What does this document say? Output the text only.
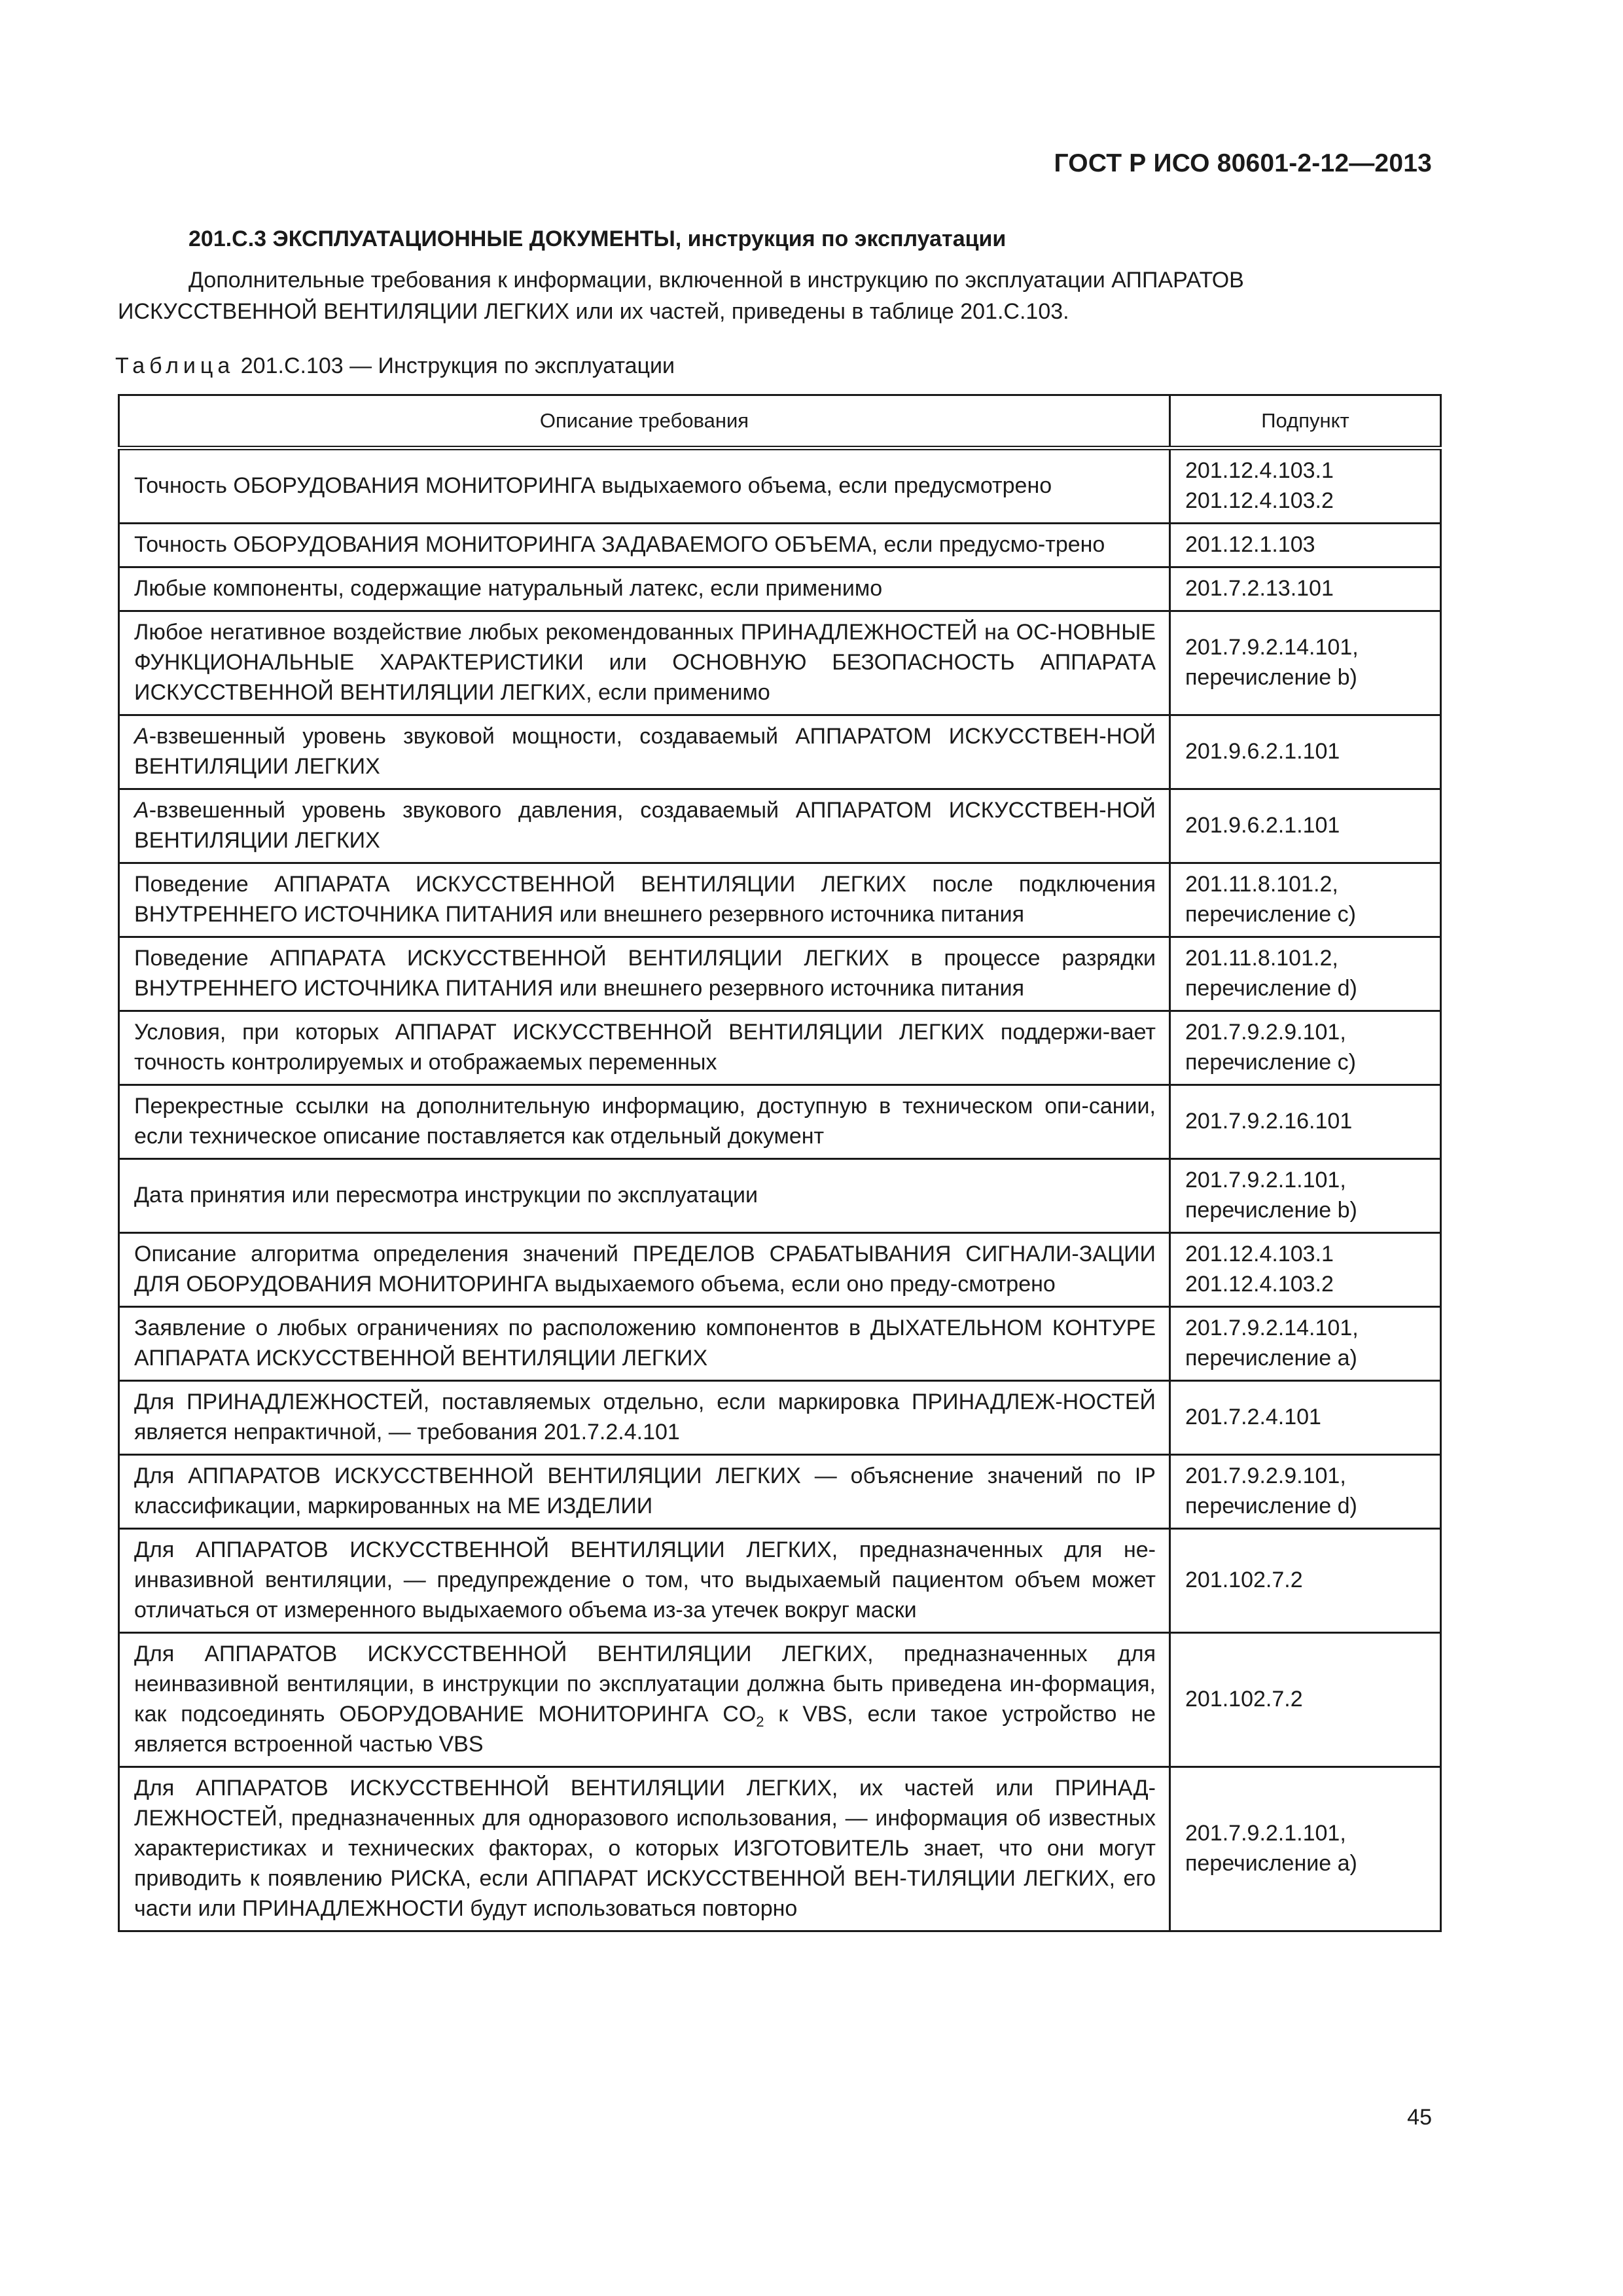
ГОСТ Р ИСО 80601-2-12—2013
201.C.3 ЭКСПЛУАТАЦИОННЫЕ ДОКУМЕНТЫ, инструкция по эксплуатации
Дополнительные требования к информации, включенной в инструкцию по эксплуатации АППАРАТОВ
ИСКУССТВЕННОЙ ВЕНТИЛЯЦИИ ЛЕГКИХ или их частей, приведены в таблице 201.C.103.
Таблица 201.C.103 — Инструкция по эксплуатации
Описание требования	Подпункт
Точность ОБОРУДОВАНИЯ МОНИТОРИНГА выдыхаемого объема, если предусмотрено	201.12.4.103.1
201.12.4.103.2

Точность ОБОРУДОВАНИЯ МОНИТОРИНГА ЗАДАВАЕМОГО ОБЪЕМА, если предусмо-трено	201.12.1.103

Любые компоненты, содержащие натуральный латекс, если применимо	201.7.2.13.101

Любое негативное воздействие любых рекомендованных ПРИНАДЛЕЖНОСТЕЙ на ОС-НОВНЫЕ ФУНКЦИОНАЛЬНЫЕ ХАРАКТЕРИСТИКИ или ОСНОВНУЮ БЕЗОПАСНОСТЬ АППАРАТА ИСКУССТВЕННОЙ ВЕНТИЛЯЦИИ ЛЕГКИХ, если применимо	201.7.9.2.14.101,
перечисление b)

A-взвешенный уровень звуковой мощности, создаваемый АППАРАТОМ ИСКУССТВЕН-НОЙ ВЕНТИЛЯЦИИ ЛЕГКИХ	201.9.6.2.1.101

A-взвешенный уровень звукового давления, создаваемый АППАРАТОМ ИСКУССТВЕН-НОЙ ВЕНТИЛЯЦИИ ЛЕГКИХ	201.9.6.2.1.101

Поведение АППАРАТА ИСКУССТВЕННОЙ ВЕНТИЛЯЦИИ ЛЕГКИХ после подключения ВНУТРЕННЕГО ИСТОЧНИКА ПИТАНИЯ или внешнего резервного источника питания	201.11.8.101.2,
перечисление c)

Поведение АППАРАТА ИСКУССТВЕННОЙ ВЕНТИЛЯЦИИ ЛЕГКИХ в процессе разрядки ВНУТРЕННЕГО ИСТОЧНИКА ПИТАНИЯ или внешнего резервного источника питания	201.11.8.101.2,
перечисление d)

Условия, при которых АППАРАТ ИСКУССТВЕННОЙ ВЕНТИЛЯЦИИ ЛЕГКИХ поддержи-вает точность контролируемых и отображаемых переменных	201.7.9.2.9.101,
перечисление c)

Перекрестные ссылки на дополнительную информацию, доступную в техническом опи-сании, если техническое описание поставляется как отдельный документ	201.7.9.2.16.101

Дата принятия или пересмотра инструкции по эксплуатации	201.7.9.2.1.101,
перечисление b)

Описание алгоритма определения значений ПРЕДЕЛОВ СРАБАТЫВАНИЯ СИГНАЛИ-ЗАЦИИ ДЛЯ ОБОРУДОВАНИЯ МОНИТОРИНГА выдыхаемого объема, если оно преду-смотрено	201.12.4.103.1
201.12.4.103.2

Заявление о любых ограничениях по расположению компонентов в ДЫХАТЕЛЬНОМ КОНТУРЕ АППАРАТА ИСКУССТВЕННОЙ ВЕНТИЛЯЦИИ ЛЕГКИХ	201.7.9.2.14.101,
перечисление a)

Для ПРИНАДЛЕЖНОСТЕЙ, поставляемых отдельно, если маркировка ПРИНАДЛЕЖ-НОСТЕЙ является непрактичной, — требования 201.7.2.4.101	201.7.2.4.101

Для АППАРАТОВ ИСКУССТВЕННОЙ ВЕНТИЛЯЦИИ ЛЕГКИХ — объяснение значений по IP классификации, маркированных на МЕ ИЗДЕЛИИ	201.7.9.2.9.101,
перечисление d)

Для АППАРАТОВ ИСКУССТВЕННОЙ ВЕНТИЛЯЦИИ ЛЕГКИХ, предназначенных для не-инвазивной вентиляции, — предупреждение о том, что выдыхаемый пациентом объем может отличаться от измеренного выдыхаемого объема из-за утечек вокруг маски	201.102.7.2

Для АППАРАТОВ ИСКУССТВЕННОЙ ВЕНТИЛЯЦИИ ЛЕГКИХ, предназначенных для неинвазивной вентиляции, в инструкции по эксплуатации должна быть приведена ин-формация, как подсоединять ОБОРУДОВАНИЕ МОНИТОРИНГА $CO_2$ к VBS, если такое устройство не является встроенной частью VBS	201.102.7.2

Для АППАРАТОВ ИСКУССТВЕННОЙ ВЕНТИЛЯЦИИ ЛЕГКИХ, их частей или ПРИНАД-ЛЕЖНОСТЕЙ, предназначенных для одноразового использования, — информация об известных характеристиках и технических факторах, о которых ИЗГОТОВИТЕЛЬ знает, что они могут приводить к появлению РИСКА, если АППАРАТ ИСКУССТВЕННОЙ ВЕН-ТИЛЯЦИИ ЛЕГКИХ, его части или ПРИНАДЛЕЖНОСТИ будут использоваться повторно	201.7.9.2.1.101,
перечисление a)
45
